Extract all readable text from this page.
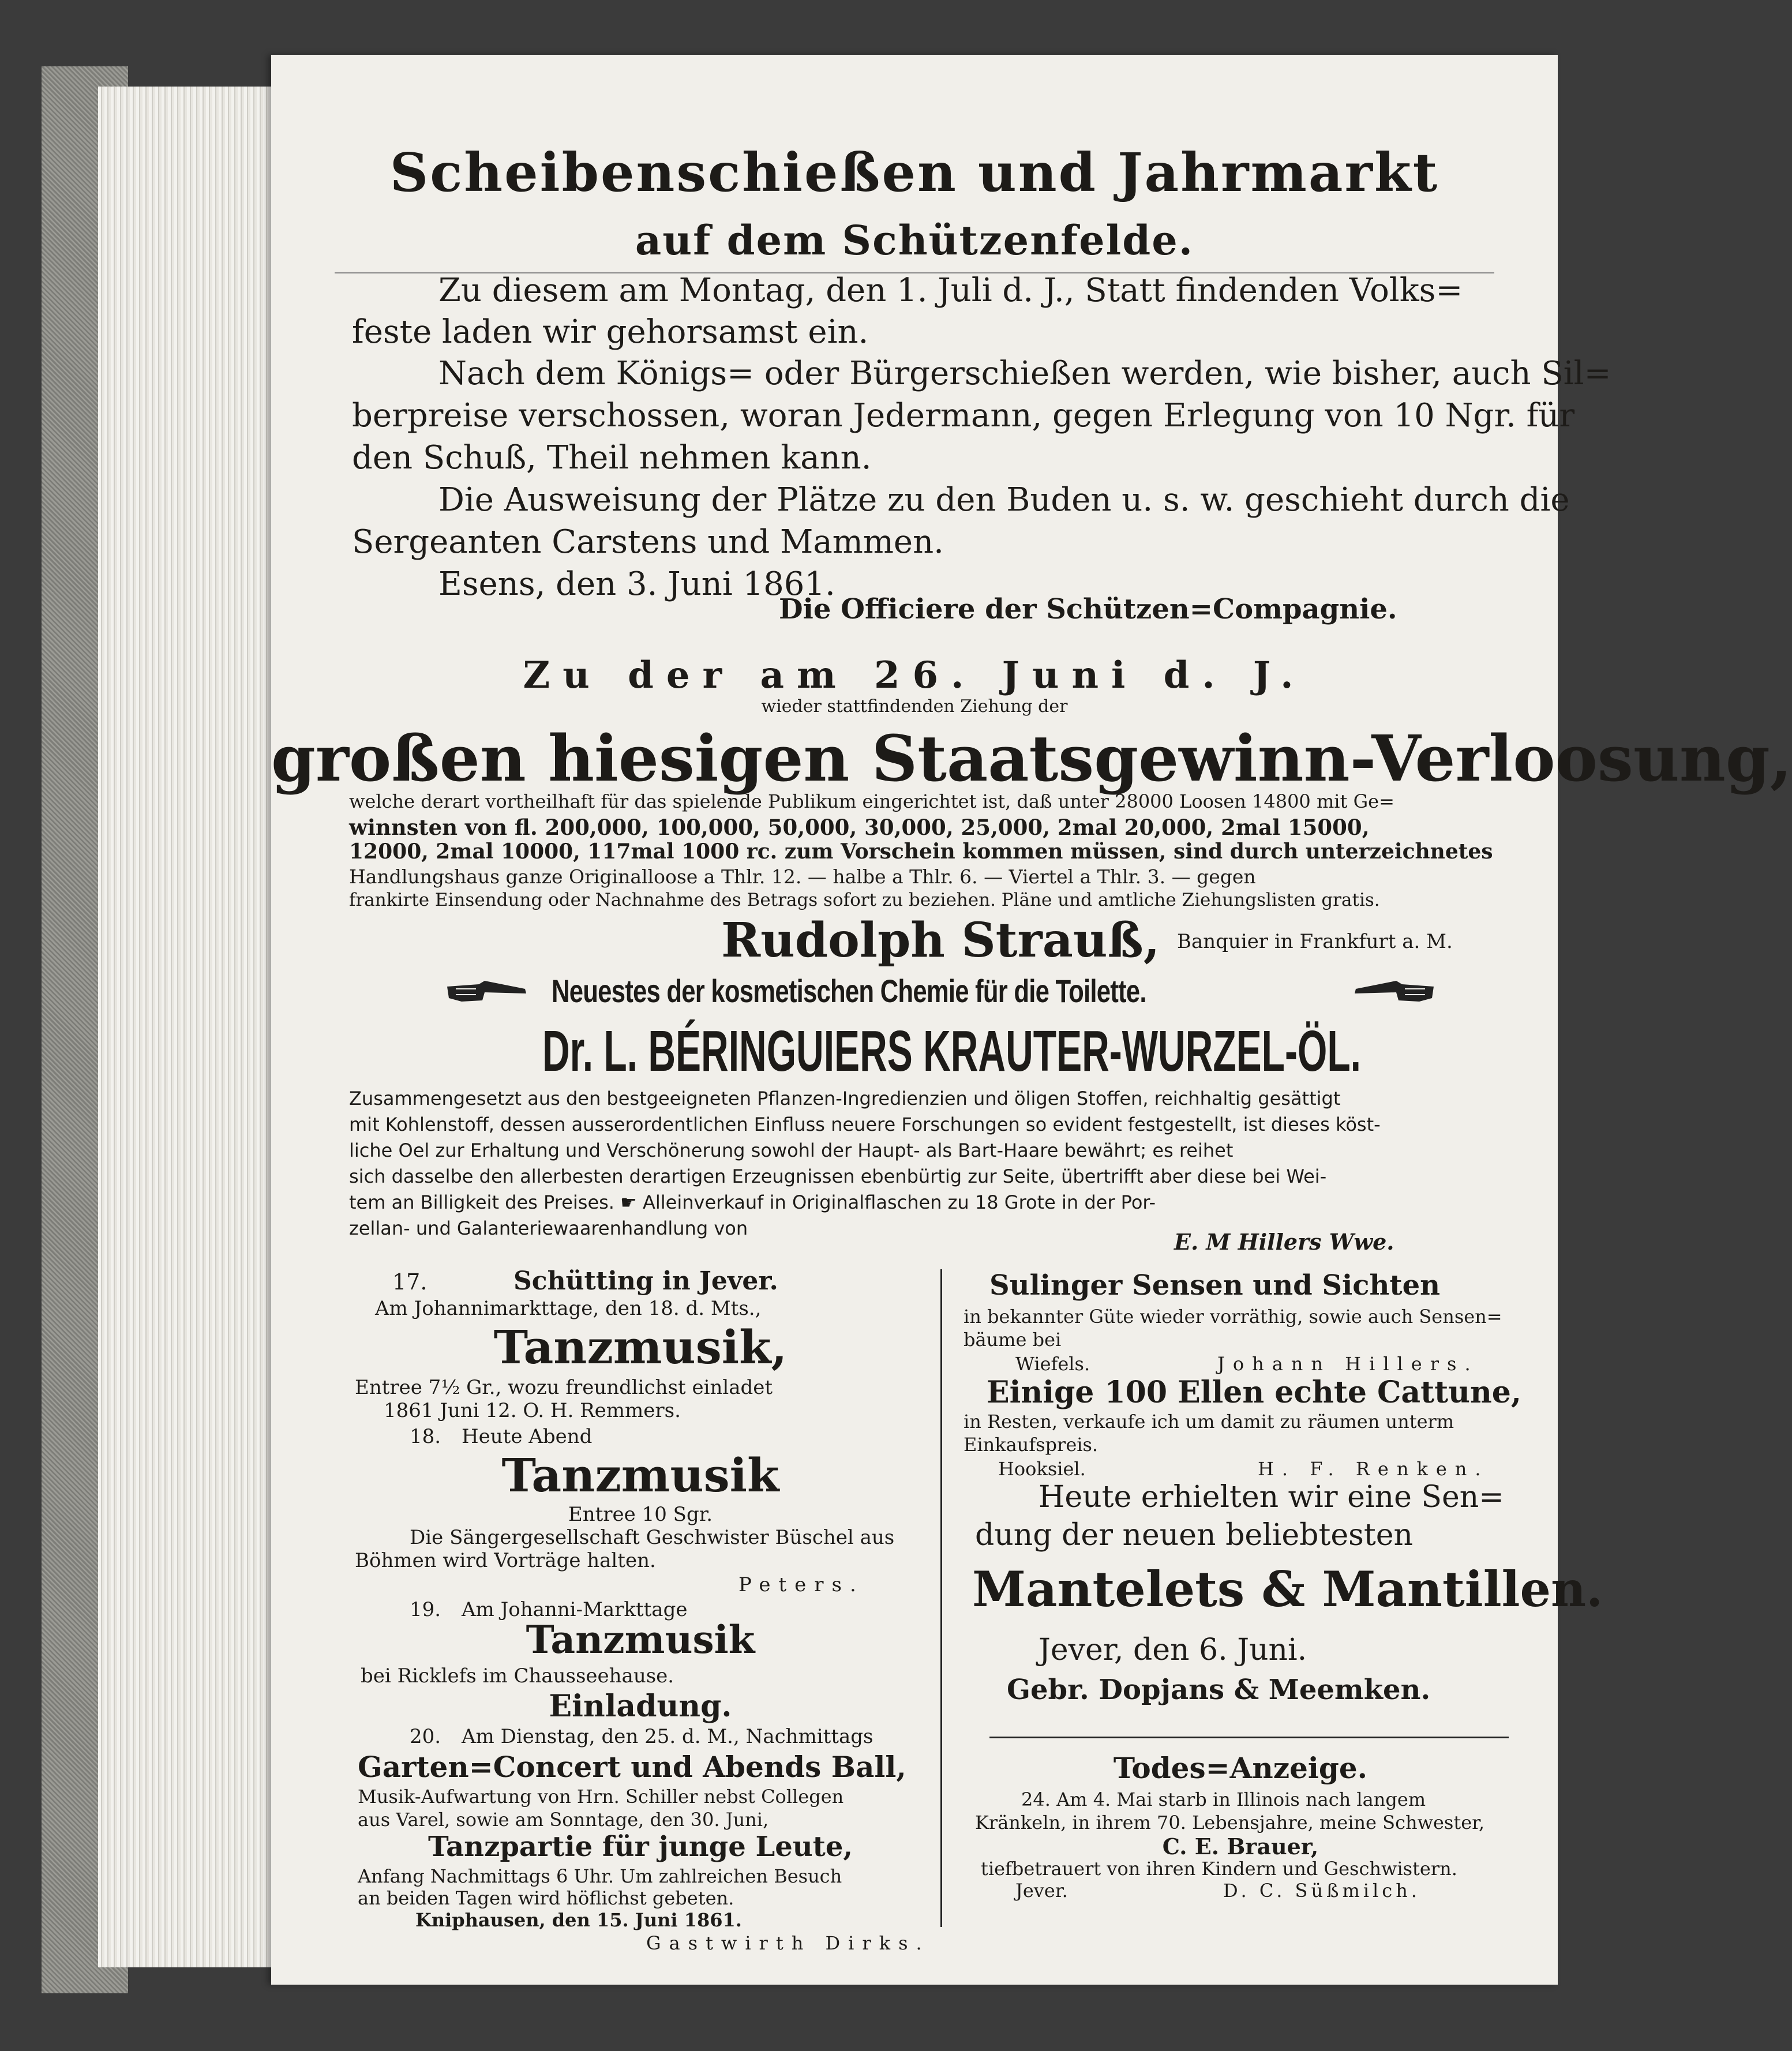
Scheibenschießen und Jahrmarkt
auf dem Schützenfelde.
Zu diesem am Montag, den 1. Juli d. J., Statt findenden Volks=
feste laden wir gehorsamst ein.
Nach dem Königs= oder Bürgerschießen werden, wie bisher, auch Sil=
berpreise verschossen, woran Jedermann, gegen Erlegung von 10 Ngr. für
den Schuß, Theil nehmen kann.
Die Ausweisung der Plätze zu den Buden u. s. w. geschieht durch die
Sergeanten Carstens und Mammen.
Esens, den 3. Juni 1861.
Die Officiere der Schützen=Compagnie.
Zu der am 26. Juni d. J.
wieder stattfindenden Ziehung der
großen hiesigen Staatsgewinn-Verloosung,
welche derart vortheilhaft für das spielende Publikum eingerichtet ist, daß unter 28000 Loosen 14800 mit Ge=
winnsten von fl. 200,000, 100,000, 50,000, 30,000, 25,000, 2mal 20,000, 2mal 15000,
12000, 2mal 10000, 117mal 1000 rc. zum Vorschein kommen müssen, sind durch unterzeichnetes
Handlungshaus ganze Originalloose a Thlr. 12. — halbe a Thlr. 6. — Viertel a Thlr. 3. — gegen
frankirte Einsendung oder Nachnahme des Betrags sofort zu beziehen. Pläne und amtliche Ziehungslisten gratis.
Rudolph Strauß, Banquier in Frankfurt a. M.
Neuestes der kosmetischen Chemie für die Toilette.
Dr. L. BÉRINGUIERS KRAUTER-WURZEL-ÖL.
Zusammengesetzt aus den bestgeeigneten Pflanzen-Ingredienzien und öligen Stoffen, reichhaltig gesättigt
mit Kohlenstoff, dessen ausserordentlichen Einfluss neuere Forschungen so evident festgestellt, ist dieses köst-
liche Oel zur Erhaltung und Verschönerung sowohl der Haupt- als Bart-Haare bewährt; es reihet
sich dasselbe den allerbesten derartigen Erzeugnissen ebenbürtig zur Seite, übertrifft aber diese bei Wei-
tem an Billigkeit des Preises. ☛ Alleinverkauf in Originalflaschen zu 18 Grote in der Por-
zellan- und Galanteriewaarenhandlung von
E. M Hillers Wwe.
17.	Schütting in Jever.
Am Johannimarkttage, den 18. d. Mts.,
Tanzmusik,
Entree 7½ Gr., wozu freundlichst einladet
1861 Juni 12. O. H. Remmers.
18. Heute Abend
Tanzmusik
Entree 10 Sgr.
Die Sängergesellschaft Geschwister Büschel aus
Böhmen wird Vorträge halten.
Peters.
19. Am Johanni-Markttage
Tanzmusik
bei Ricklefs im Chausseehause.
Einladung.
20. Am Dienstag, den 25. d. M., Nachmittags
Garten=Concert und Abends Ball,
Musik-Aufwartung von Hrn. Schiller nebst Collegen
aus Varel, sowie am Sonntage, den 30. Juni,
Tanzpartie für junge Leute,
Anfang Nachmittags 6 Uhr. Um zahlreichen Besuch
an beiden Tagen wird höflichst gebeten.
Kniphausen, den 15. Juni 1861.
Gastwirth Dirks.
Sulinger Sensen und Sichten
in bekannter Güte wieder vorräthig, sowie auch Sensen=
bäume bei
Wiefels.	Johann Hillers.
Einige 100 Ellen echte Cattune,
in Resten, verkaufe ich um damit zu räumen unterm
Einkaufspreis.
Hooksiel.	H. F. Renken.
Heute erhielten wir eine Sen=
dung der neuen beliebtesten
Mantelets & Mantillen.
Jever, den 6. Juni.
Gebr. Dopjans & Meemken.
Todes=Anzeige.
24. Am 4. Mai starb in Illinois nach langem
Kränkeln, in ihrem 70. Lebensjahre, meine Schwester,
C. E. Brauer,
tiefbetrauert von ihren Kindern und Geschwistern.
Jever.	D. C. Süßmilch.
